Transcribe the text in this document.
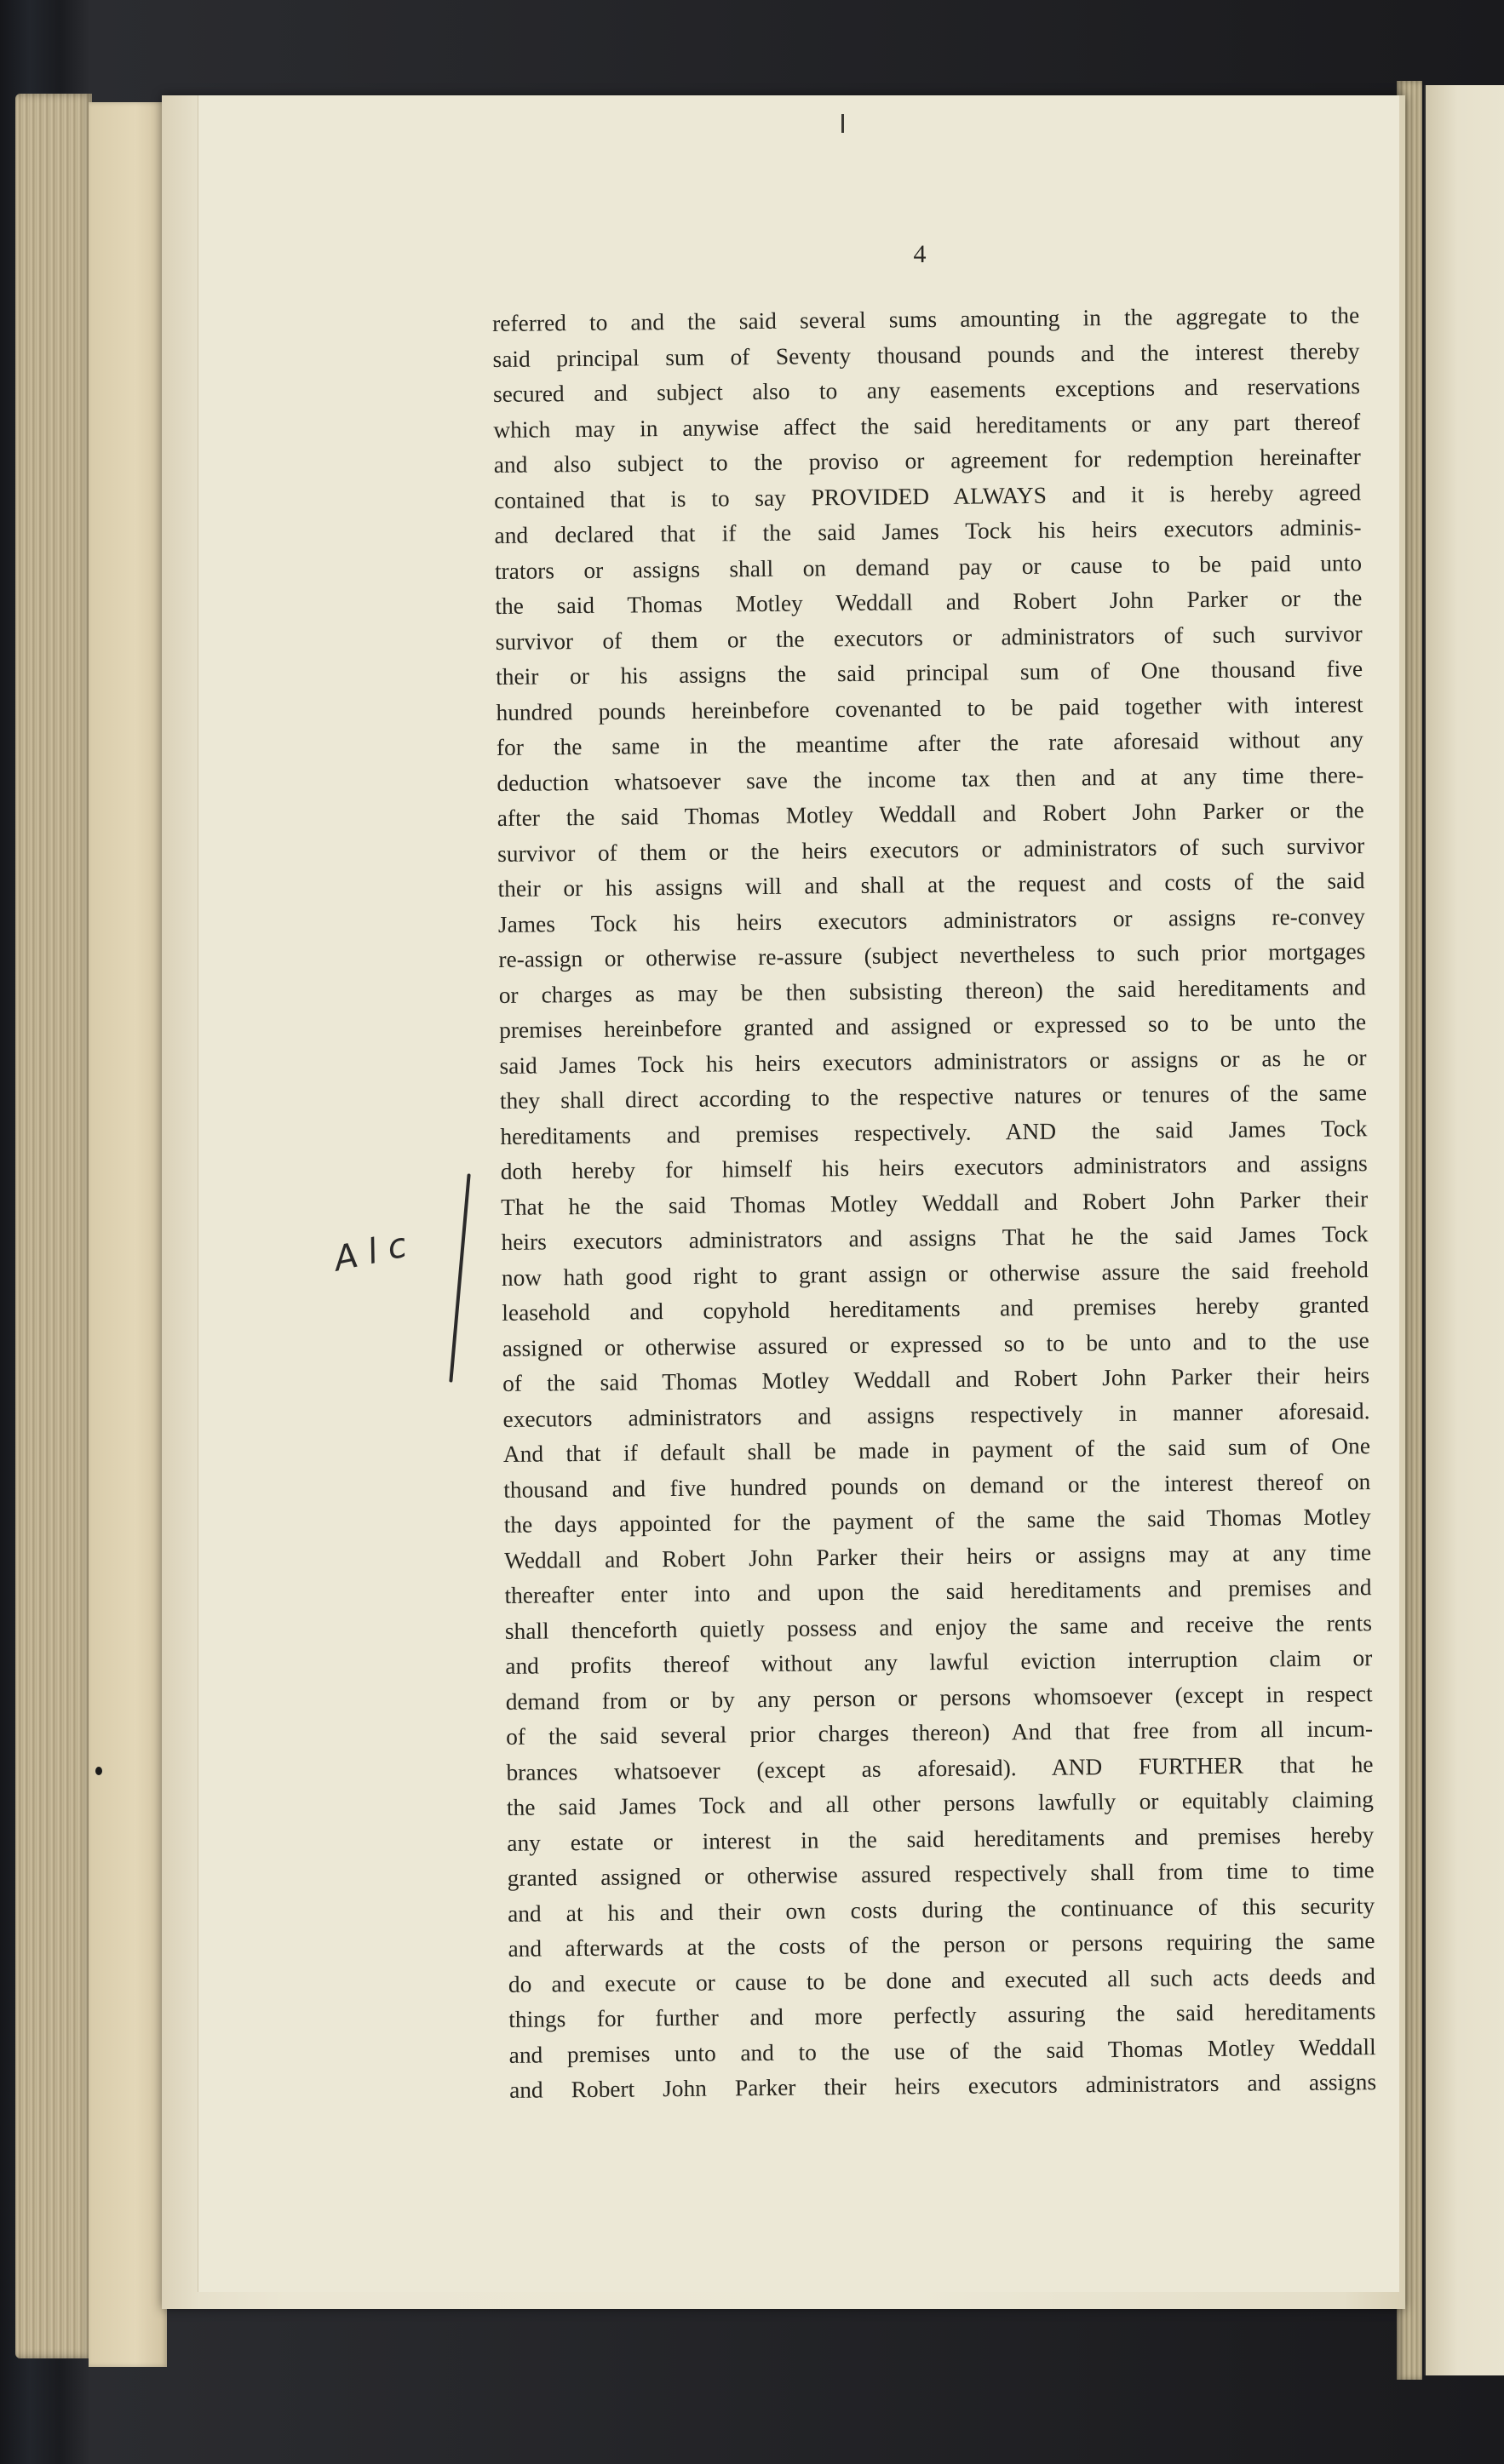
4
A l c
referred to and the said several sums amounting in the aggregate to the
said principal sum of Seventy thousand pounds and the interest thereby
secured and subject also to any easements exceptions and reservations
which may in anywise affect the said hereditaments or any part thereof
and also subject to the proviso or agreement for redemption hereinafter
contained that is to say PROVIDED ALWAYS and it is hereby agreed
and declared that if the said James Tock his heirs executors adminis-
trators or assigns shall on demand pay or cause to be paid unto
the said Thomas Motley Weddall and Robert John Parker or the
survivor of them or the executors or administrators of such survivor
their or his assigns the said principal sum of One thousand five
hundred pounds hereinbefore covenanted to be paid together with interest
for the same in the meantime after the rate aforesaid without any
deduction whatsoever save the income tax then and at any time there-
after the said Thomas Motley Weddall and Robert John Parker or the
survivor of them or the heirs executors or administrators of such survivor
their or his assigns will and shall at the request and costs of the said
James Tock his heirs executors administrators or assigns re-convey
re-assign or otherwise re-assure (subject nevertheless to such prior mortgages
or charges as may be then subsisting thereon) the said hereditaments and
premises hereinbefore granted and assigned or expressed so to be unto the
said James Tock his heirs executors administrators or assigns or as he or
they shall direct according to the respective natures or tenures of the same
hereditaments and premises respectively. AND the said James Tock
doth hereby for himself his heirs executors administrators and assigns
That he the said Thomas Motley Weddall and Robert John Parker their
heirs executors administrators and assigns That he the said James Tock
now hath good right to grant assign or otherwise assure the said freehold
leasehold and copyhold hereditaments and premises hereby granted
assigned or otherwise assured or expressed so to be unto and to the use
of the said Thomas Motley Weddall and Robert John Parker their heirs
executors administrators and assigns respectively in manner aforesaid.
And that if default shall be made in payment of the said sum of One
thousand and five hundred pounds on demand or the interest thereof on
the days appointed for the payment of the same the said Thomas Motley
Weddall and Robert John Parker their heirs or assigns may at any time
thereafter enter into and upon the said hereditaments and premises and
shall thenceforth quietly possess and enjoy the same and receive the rents
and profits thereof without any lawful eviction interruption claim or
demand from or by any person or persons whomsoever (except in respect
of the said several prior charges thereon) And that free from all incum-
brances whatsoever (except as aforesaid). AND FURTHER that he
the said James Tock and all other persons lawfully or equitably claiming
any estate or interest in the said hereditaments and premises hereby
granted assigned or otherwise assured respectively shall from time to time
and at his and their own costs during the continuance of this security
and afterwards at the costs of the person or persons requiring the same
do and execute or cause to be done and executed all such acts deeds and
things for further and more perfectly assuring the said hereditaments
and premises unto and to the use of the said Thomas Motley Weddall
and Robert John Parker their heirs executors administrators and assigns
